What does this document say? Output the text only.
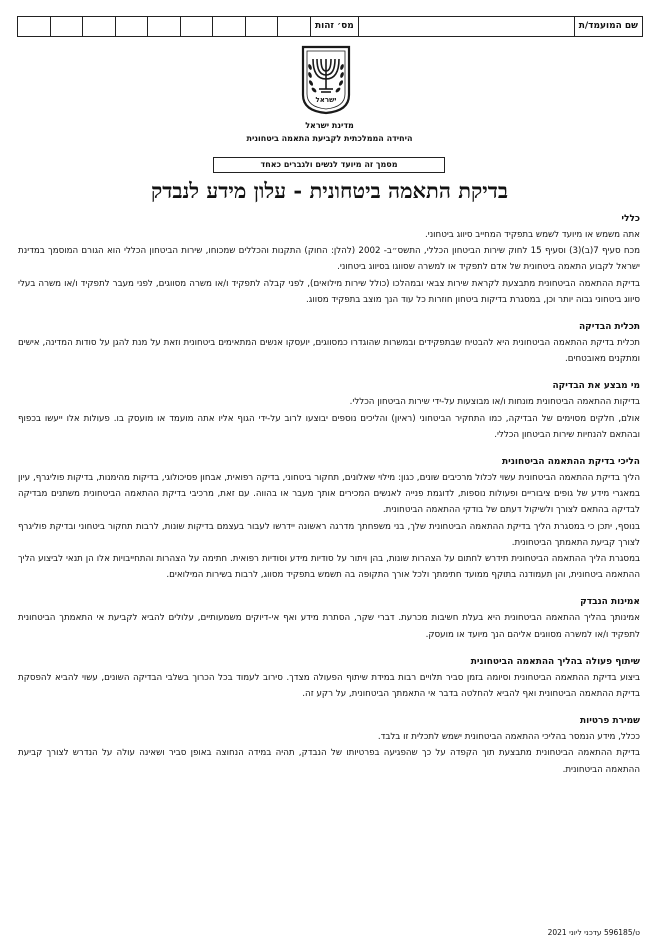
שם המועמד/ת
מס׳ זהות
ישראל
מדינת ישראל
היחידה הממלכתית לקביעת התאמה ביטחונית
מסמך זה מיועד לנשים ולגברים כאחד
בדיקת התאמה ביטחונית - עלון מידע לנבדק
כללי

אתה משמש או מיועד לשמש בתפקיד המחייב סיווג ביטחוני.

מכח סעיף 7(ב)(3) וסעיף 15 לחוק שירות הביטחון הכללי, התשס״ב- 2002 (להלן: החוק) התקנות והכללים שמכוחו, שירות הביטחון הכללי הוא הגורם המוסמך במדינת ישראל לקבוע התאמה ביטחונית של אדם לתפקיד או למשרה שסווגו בסיווג ביטחוני.

בדיקת ההתאמה הביטחונית מתבצעת לקראת שירות צבאי ובמהלכו (כולל שירות מילואים), לפני קבלה לתפקיד ו/או משרה מסווגים, לפני מעבר לתפקיד ו/או משרה בעלי סיווג ביטחוני גבוה יותר וכן, במסגרת בדיקות ביטחון חוזרות כל עוד הנך מוצב בתפקיד מסווג.

תכלית הבדיקה

תכלית בדיקת ההתאמה הביטחונית היא להבטיח שבתפקידים ובמשרות שהוגדרו כמסווגים, יועסקו אנשים המתאימים ביטחונית וזאת על מנת להגן על סודות המדינה, אישים ומתקנים מאובטחים.

מי מבצע את הבדיקה

בדיקות ההתאמה הביטחונית מונחות ו/או מבוצעות על-ידי שירות הביטחון הכללי.

אולם, חלקים מסוימים של הבדיקה, כמו התחקיר הביטחוני (ראיון) והליכים נוספים יבוצעו לרוב על-ידי הגוף אליו אתה מועמד או מועסק בו. פעולות אלו ייעשו בכפוף ובהתאם להנחיות שירות הביטחון הכללי.

הליכי בדיקת ההתאמה הביטחונית

הליך בדיקת ההתאמה הביטחונית עשוי לכלול מרכיבים שונים, כגון: מילוי שאלונים, תחקור ביטחוני, בדיקה רפואית, אבחון פסיכולוגי, בדיקות מהימנות, בדיקות פוליגרף, עיון במאגרי מידע של גופים ציבוריים ופעולות נוספות, לדוגמת פנייה לאנשים המכירים אותך מעבר או בהווה. עם זאת, מרכיבי בדיקת ההתאמה הביטחונית משתנים מבדיקה לבדיקה בהתאם לצורך ולשיקול דעתם של בודקי ההתאמה הביטחונית.

בנוסף, יתכן כי במסגרת הליך בדיקת ההתאמה הביטחונית שלך, בני משפחתך מדרגה ראשונה יידרשו לעבור בעצמם בדיקות שונות, לרבות תחקור ביטחוני ובדיקת פוליגרף לצורך קביעת התאמתך הביטחונית.

במסגרת הליך ההתאמה הביטחונית תידרש לחתום על הצהרות שונות, בהן ויתור על סודיות מידע וסודיות רפואית. חתימה על הצהרות והתחייבויות אלו הן תנאי לביצוע הליך ההתאמה ביטחונית, והן תעמודנה בתוקף ממועד חתימתך ולכל אורך התקופה בה תשמש בתפקיד מסווג, לרבות בשירות המילואים.

אמינות הנבדק

אמינותך בהליך ההתאמה הביטחונית היא בעלת חשיבות מכרעת. דברי שקר, הסתרת מידע ואף אי-דיוקים משמעותיים, עלולים להביא לקביעת אי התאמתך הביטחונית לתפקיד ו/או למשרה מסווגים אליהם הנך מיועד או מועסק.

שיתוף פעולה בהליך ההתאמה הביטחונית

ביצוע בדיקת ההתאמה הביטחונית וסיומה בזמן סביר תלויים רבות במידת שיתוף הפעולה מצדך. סירוב לעמוד בכל הכרוך בשלבי הבדיקה השונים, עשוי להביא להפסקת בדיקת ההתאמה הביטחונית ואף להביא להחלטה בדבר אי התאמתך הביטחונית, על רקע זה.

שמירת פרטיות

ככלל, מידע הנמסר בהליכי ההתאמה הביטחונית ישמש לתכלית זו בלבד.

בדיקת ההתאמה הביטחונית מתבצעת תוך הקפדה על כך שהפגיעה בפרטיותו של הנבדק, תהיה במידה הנחוצה באופן סביר ושאינה עולה על הנדרש לצורך קביעת ההתאמה הביטחונית.

ט/596185 עדכני ליוני 2021
